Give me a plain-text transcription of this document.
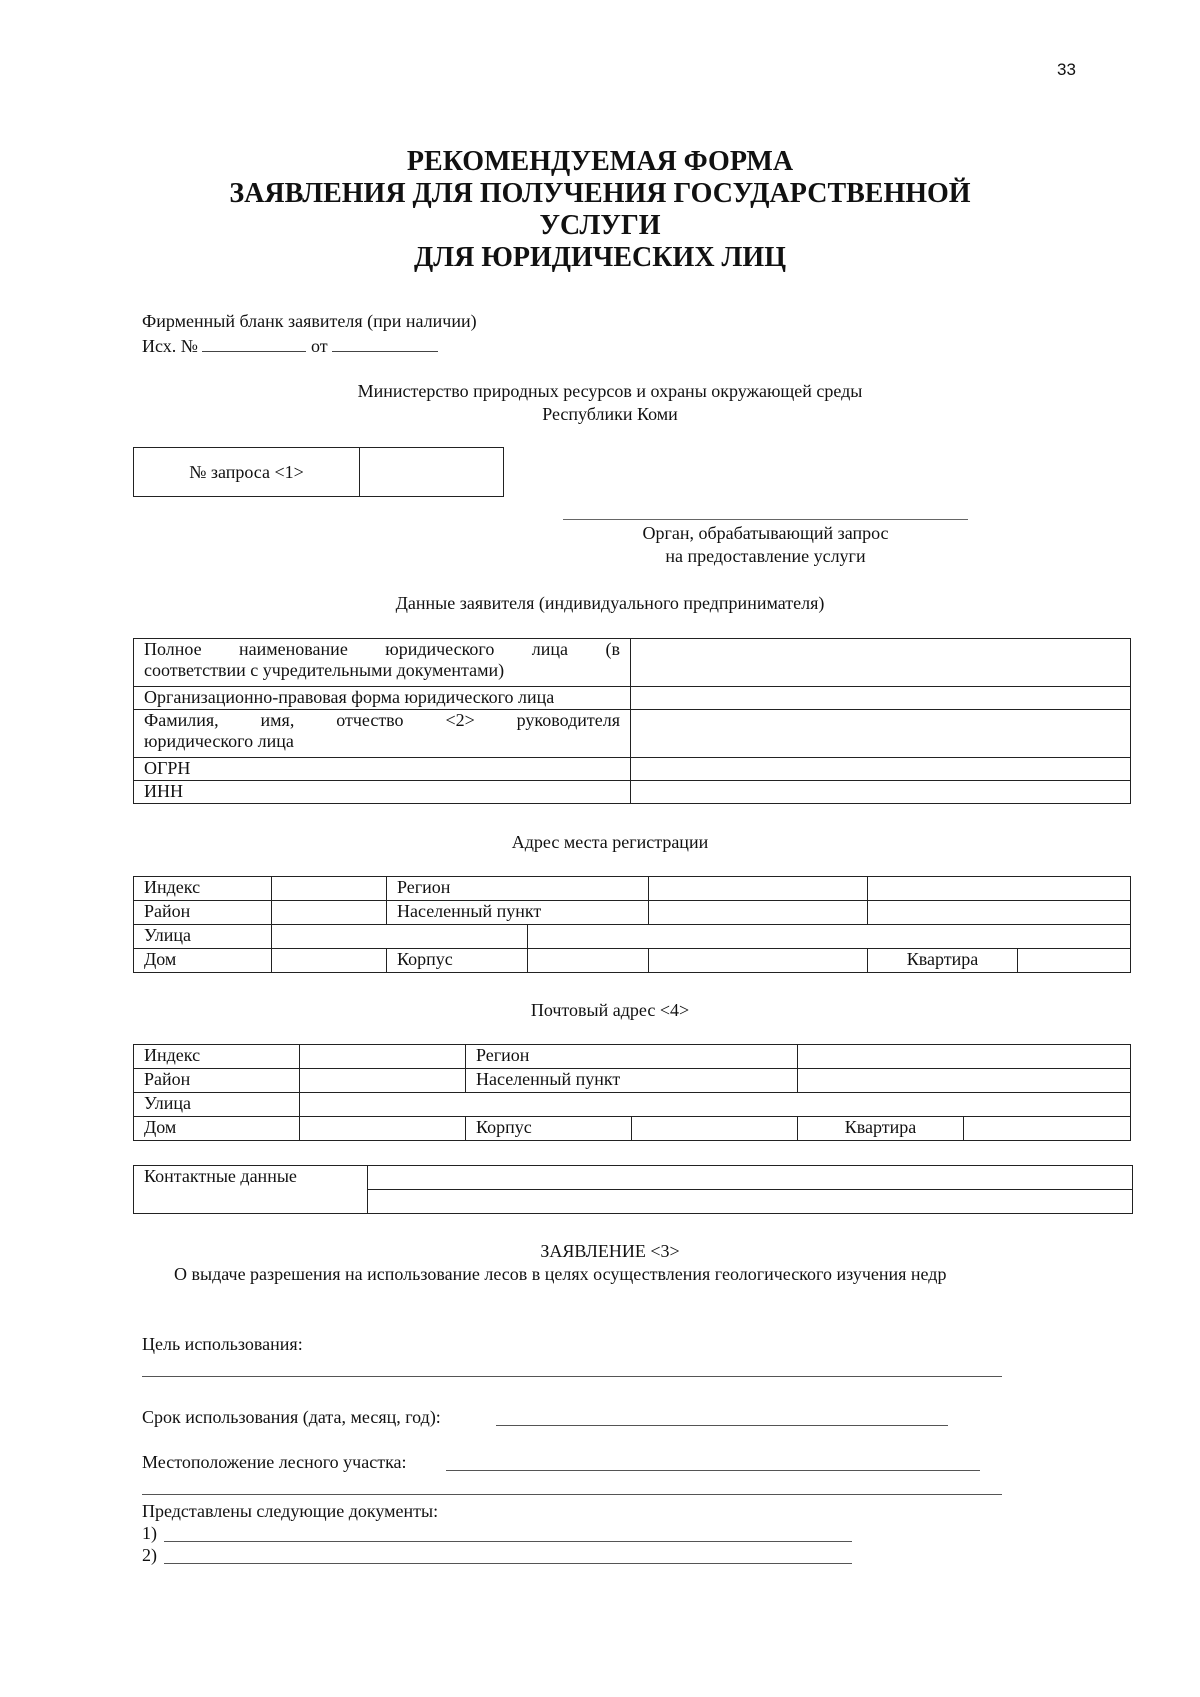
33
РЕКОМЕНДУЕМАЯ ФОРМА
ЗАЯВЛЕНИЯ ДЛЯ ПОЛУЧЕНИЯ ГОСУДАРСТВЕННОЙ
УСЛУГИ
ДЛЯ ЮРИДИЧЕСКИХ ЛИЦ
Фирменный бланк заявителя (при наличии)
Исх. №	от
Министерство природных ресурсов и охраны окружающей среды
Республики Коми
№ запроса <1>	
Орган, обрабатывающий запрос
на предоставление услуги
Данные заявителя (индивидуального предпринимателя)
Полное наименование юридического лица (в
соответствии с учредительными документами)	

Организационно-правовая форма юридического лица	

Фамилия, имя, отчество <2> руководителя
юридического лица	

ОГРН	
ИНН	
Адрес места регистрации
Индекс		Регион				
Район		Населенный пункт				
Улица						
Дом		Корпус			Квартира	
Почтовый адрес <4>
Индекс		Регион			
Район		Населенный пункт			
Улица					
Дом		Корпус		Квартира	
Контактные данные	

ЗАЯВЛЕНИЕ <3>
О выдаче разрешения на использование лесов в целях осуществления геологического изучения недр
Цель использования:
Срок использования (дата, месяц, год):
Местоположение лесного участка:
Представлены следующие документы:
1)
2)
